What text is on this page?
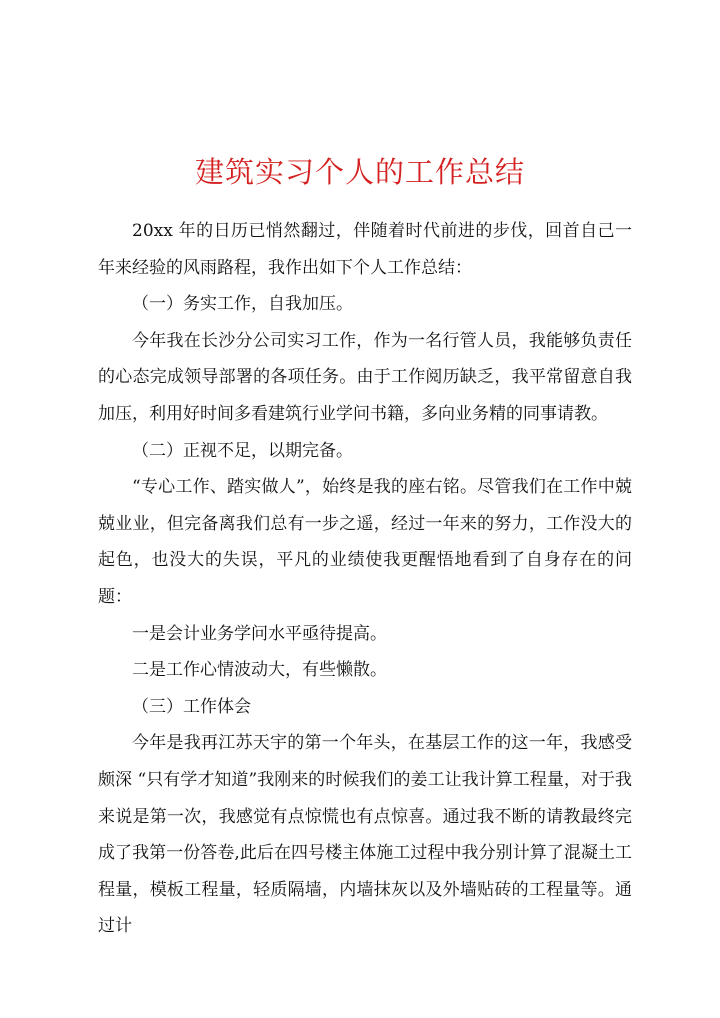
建筑实习个人的工作总结

20xx 年的日历已悄然翻过，伴随着时代前进的步伐，回首自己一年来经验的风雨路程，我作出如下个人工作总结：

（一）务实工作，自我加压。

今年我在长沙分公司实习工作，作为一名行管人员，我能够负责任的心态完成领导部署的各项任务。由于工作阅历缺乏，我平常留意自我加压，利用好时间多看建筑行业学问书籍，多向业务精的同事请教。

（二）正视不足，以期完备。

“专心工作、踏实做人”，始终是我的座右铭。尽管我们在工作中兢兢业业，但完备离我们总有一步之遥，经过一年来的努力，工作没大的起色，也没大的失误，平凡的业绩使我更醒悟地看到了自身存在的问题：

一是会计业务学问水平亟待提高。

二是工作心情波动大，有些懒散。

（三）工作体会

今年是我再江苏天宇的第一个年头，在基层工作的这一年，我感受颇深 “只有学才知道”我刚来的时候我们的姜工让我计算工程量，对于我来说是第一次，我感觉有点惊慌也有点惊喜。通过我不断的请教最终完成了我第一份答卷,此后在四号楼主体施工过程中我分别计算了混凝土工程量，模板工程量，轻质隔墙，内墙抹灰以及外墙贴砖的工程量等。通过计
